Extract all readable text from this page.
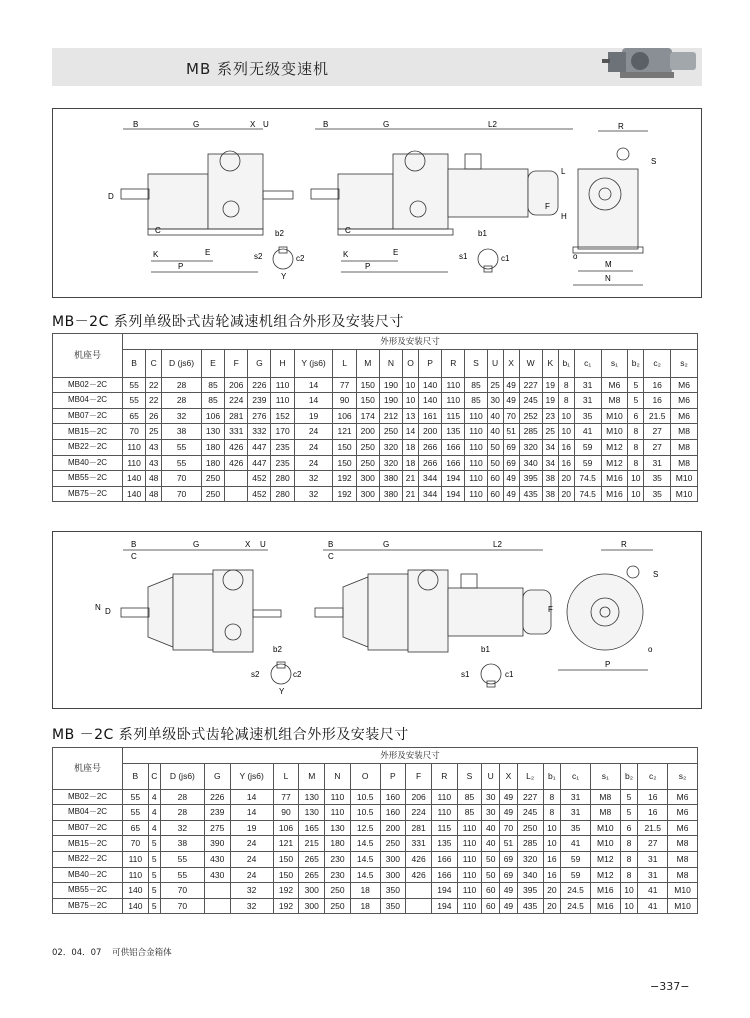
MB 系列无级变速机
B	G	X U
D
C
K	E
P
b2
c2
s2
Y
B	G	L2
C
K	E
P
b1
c1
s1
R
S
L
F
H
o
M
N
MB－2C 系列单级卧式齿轮减速机组合外形及安装尺寸
机座号	外形及安装尺寸																								
	B	C	D (js6)	E	F	G	H	Y (js6)	L	M	N	O	P	R	S	U	X	W	K	b₁	c₁	s₁	b₂	c₂	s₂
MB02－2C	55	22	28	85	206	226	110	14	77	150	190	10	140	110	85	25	49	227	19	8	31	M6	5	16	M6
MB04－2C	55	22	28	85	224	239	110	14	90	150	190	10	140	110	85	30	49	245	19	8	31	M8	5	16	M6
MB07－2C	65	26	32	106	281	276	152	19	106	174	212	13	161	115	110	40	70	252	23	10	35	M10	6	21.5	M6
MB15－2C	70	25	38	130	331	332	170	24	121	200	250	14	200	135	110	40	51	285	25	10	41	M10	8	27	M8
MB22－2C	110	43	55	180	426	447	235	24	150	250	320	18	266	166	110	50	69	320	34	16	59	M12	8	27	M8
MB40－2C	110	43	55	180	426	447	235	24	150	250	320	18	266	166	110	50	69	340	34	16	59	M12	8	31	M8
MB55－2C	140	48	70	250		452	280	32	192	300	380	21	344	194	110	60	49	395	38	20	74.5	M16	10	35	M10
MB75－2C	140	48	70	250		452	280	32	192	300	380	21	344	194	110	60	49	435	38	20	74.5	M16	10	35	M10
B
C
G	X U
N D
b2
s2	c2
Y
B
C
G	L2
b1
c1
s1
R
S
F
P
o
MB －2C 系列单级卧式齿轮减速机组合外形及安装尺寸
机座号	外形及安装尺寸																					
	B	C	D (js6)	G	Y (js6)	L	M	N	O	P	F	R	S	U	X	L₂	b₁	c₁	s₁	b₂	c₂	s₂
MB02－2C	55	4	28	226	14	77	130	110	10.5	160	206	110	85	30	49	227	8	31	M8	5	16	M6
MB04－2C	55	4	28	239	14	90	130	110	10.5	160	224	110	85	30	49	245	8	31	M8	5	16	M6
MB07－2C	65	4	32	275	19	106	165	130	12.5	200	281	115	110	40	70	250	10	35	M10	6	21.5	M6
MB15－2C	70	5	38	390	24	121	215	180	14.5	250	331	135	110	40	51	285	10	41	M10	8	27	M8
MB22－2C	110	5	55	430	24	150	265	230	14.5	300	426	166	110	50	69	320	16	59	M12	8	31	M8
MB40－2C	110	5	55	430	24	150	265	230	14.5	300	426	166	110	50	69	340	16	59	M12	8	31	M8
MB55－2C	140	5	70		32	192	300	250	18	350		194	110	60	49	395	20	24.5	M16	10	41	M10
MB75－2C	140	5	70		32	192	300	250	18	350		194	110	60	49	435	20	24.5	M16	10	41	M10
02．04．07 可供铝合金箱体
−337−
